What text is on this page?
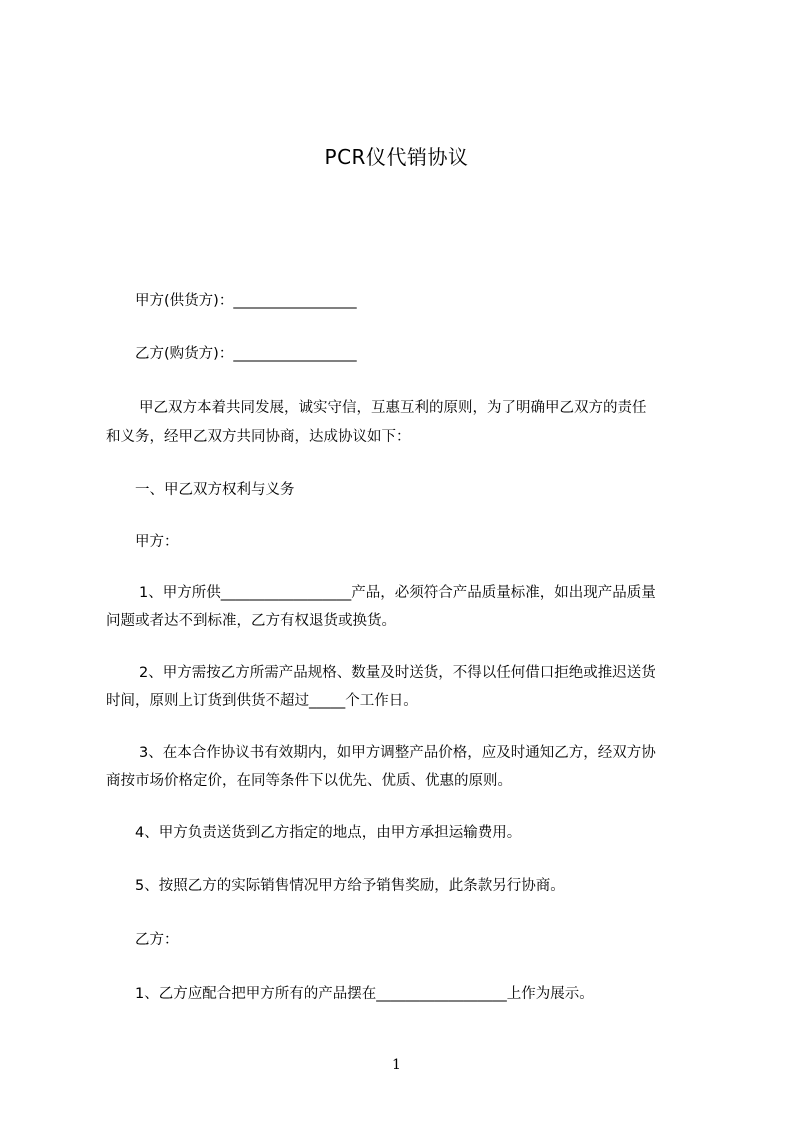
PCR仪代销协议
甲方(供货方)：_________________
乙方(购货方)：_________________
甲乙双方本着共同发展，诚实守信，互惠互利的原则，为了明确甲乙双方的责任
和义务，经甲乙双方共同协商，达成协议如下：
一、甲乙双方权利与义务
甲方：
1、甲方所供__________________产品，必须符合产品质量标准，如出现产品质量
问题或者达不到标准，乙方有权退货或换货。
2、甲方需按乙方所需产品规格、数量及时送货，不得以任何借口拒绝或推迟送货
时间，原则上订货到供货不超过_____个工作日。
3、在本合作协议书有效期内，如甲方调整产品价格，应及时通知乙方，经双方协
商按市场价格定价，在同等条件下以优先、优质、优惠的原则。
4、甲方负责送货到乙方指定的地点，由甲方承担运输费用。
5、按照乙方的实际销售情况甲方给予销售奖励，此条款另行协商。
乙方：
1、乙方应配合把甲方所有的产品摆在__________________上作为展示。
1
